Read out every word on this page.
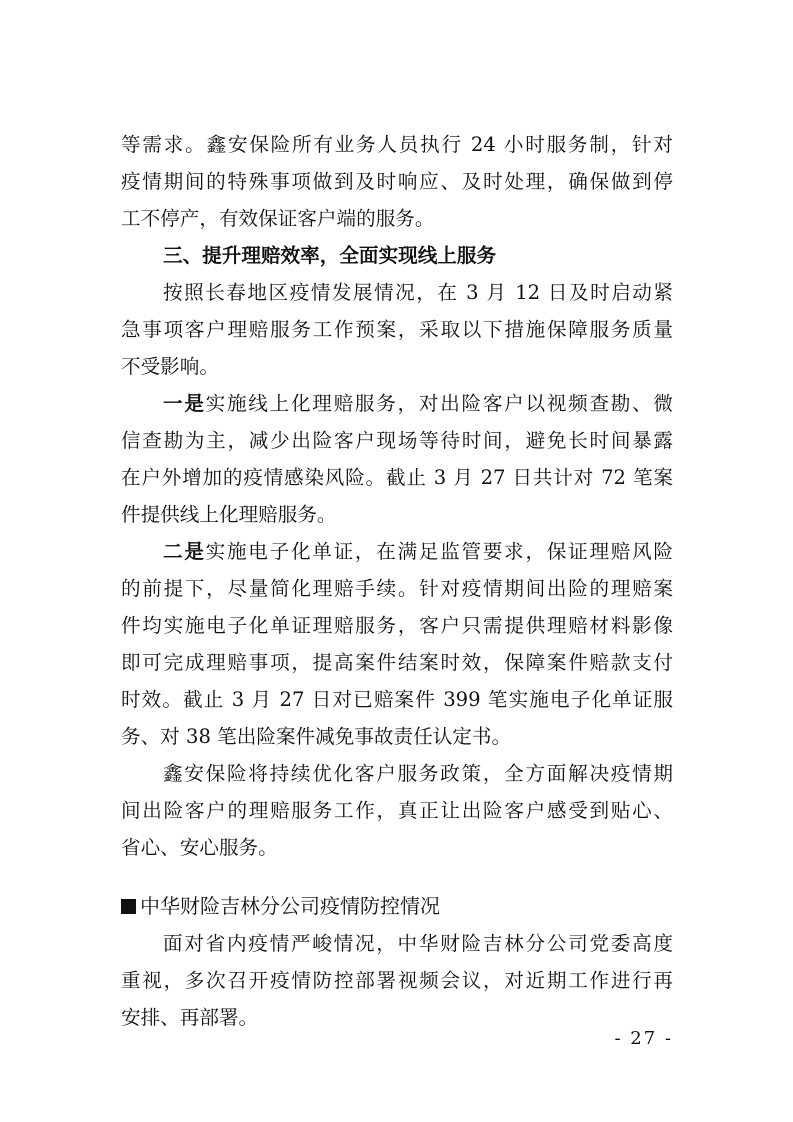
等需求。鑫安保险所有业务人员执行 24 小时服务制，针对
疫情期间的特殊事项做到及时响应、及时处理，确保做到停
工不停产，有效保证客户端的服务。
三、提升理赔效率，全面实现线上服务
按照长春地区疫情发展情况，在 3 月 12 日及时启动紧
急事项客户理赔服务工作预案，采取以下措施保障服务质量
不受影响。
一是实施线上化理赔服务，对出险客户以视频查勘、微
信查勘为主，减少出险客户现场等待时间，避免长时间暴露
在户外增加的疫情感染风险。截止 3 月 27 日共计对 72 笔案
件提供线上化理赔服务。
二是实施电子化单证，在满足监管要求，保证理赔风险
的前提下，尽量简化理赔手续。针对疫情期间出险的理赔案
件均实施电子化单证理赔服务，客户只需提供理赔材料影像
即可完成理赔事项，提高案件结案时效，保障案件赔款支付
时效。截止 3 月 27 日对已赔案件 399 笔实施电子化单证服
务、对 38 笔出险案件减免事故责任认定书。
鑫安保险将持续优化客户服务政策，全方面解决疫情期
间出险客户的理赔服务工作，真正让出险客户感受到贴心、
省心、安心服务。
中华财险吉林分公司疫情防控情况
面对省内疫情严峻情况，中华财险吉林分公司党委高度
重视，多次召开疫情防控部署视频会议，对近期工作进行再
安排、再部署。
- 27 -
